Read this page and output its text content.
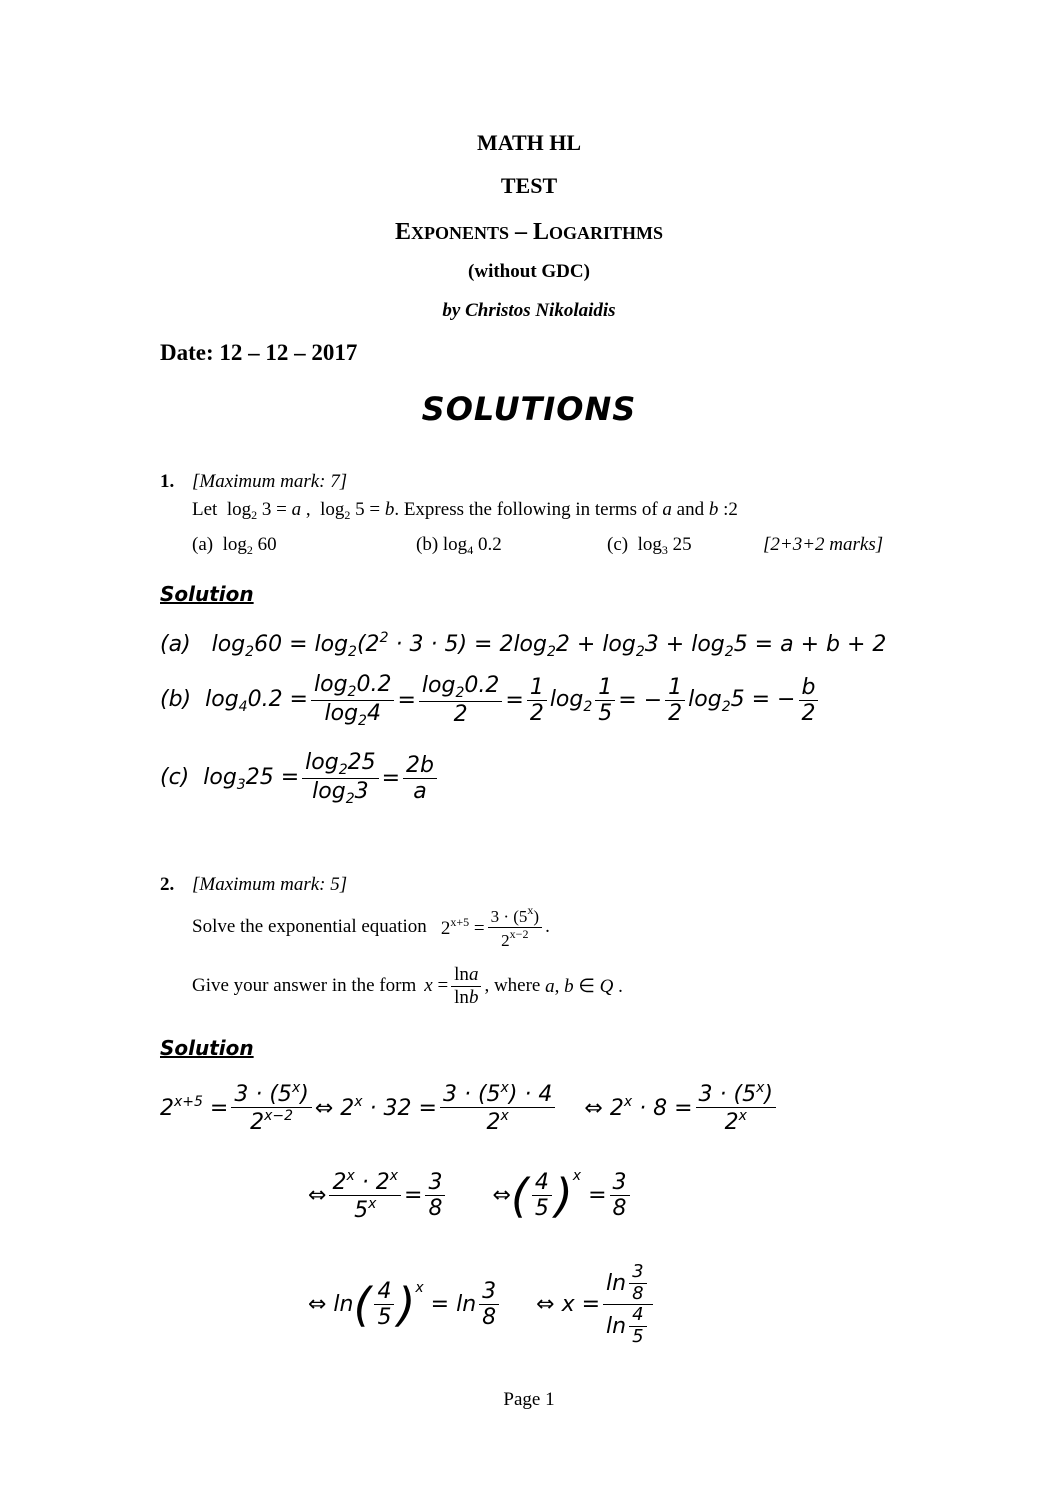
MATH HL
TEST
EXPONENTS – LOGARITHMS
(without GDC)
by Christos Nikolaidis
Date: 12 – 12 – 2017
SOLUTIONS
1. [Maximum mark: 7]
Let  $\log_2 3 = a$ ,  $\log_2 5 = b$. Express the following in terms of a and b :2
(a)  $\log_2 60$	(b) $\log_4 0.2$	(c)  $\log_3 25$	[2+3+2 marks]
Solution
(a)   $\log_260 = \log_2(2^2 \cdot 3 \cdot 5) = 2\log_22 + \log_23 + \log_25 = a + b + 2$
(b)  $\log_40.2 = \frac{\log_20.2}{\log_24} = \frac{\log_20.2}{2} = \frac{1}{2} \log_2 \frac{1}{5}$ = − $\frac{1}{2} \log_25$ = − $\frac{b}{2}$
(c)  $\log_325 = \frac{\log_225}{\log_23} = \frac{2b}{a}$
2. [Maximum mark: 5]
Solve the exponential equation $2^{x+5} = \frac{3 \cdot (5^x)}{2^{x-2}}$ .
Give your answer in the form $x = \frac{\ln a}{\ln b}$ , where a, b ∈ Q .
Solution
$2^{x+5} = \frac{3 \cdot (5^x)}{2^{x-2}}$ ⇔ $2^x \cdot 32 = \frac{3 \cdot (5^x) \cdot 4}{2^x}$ ⇔ $2^x \cdot 8 = \frac{3 \cdot (5^x)}{2^x}$
⇔ $\frac{2^x \cdot 2^x}{5^x} = \frac{3}{8}$ ⇔ ( $\frac{4}{5} )^x$
= $\frac{3}{8}$
⇔ ln ( $\frac{4}{5} )^x$
= $\ln \frac{3}{8}$ ⇔ $x = \frac{\ln \frac{3}{8}}{\ln \frac{4}{5}}$
Page 1
